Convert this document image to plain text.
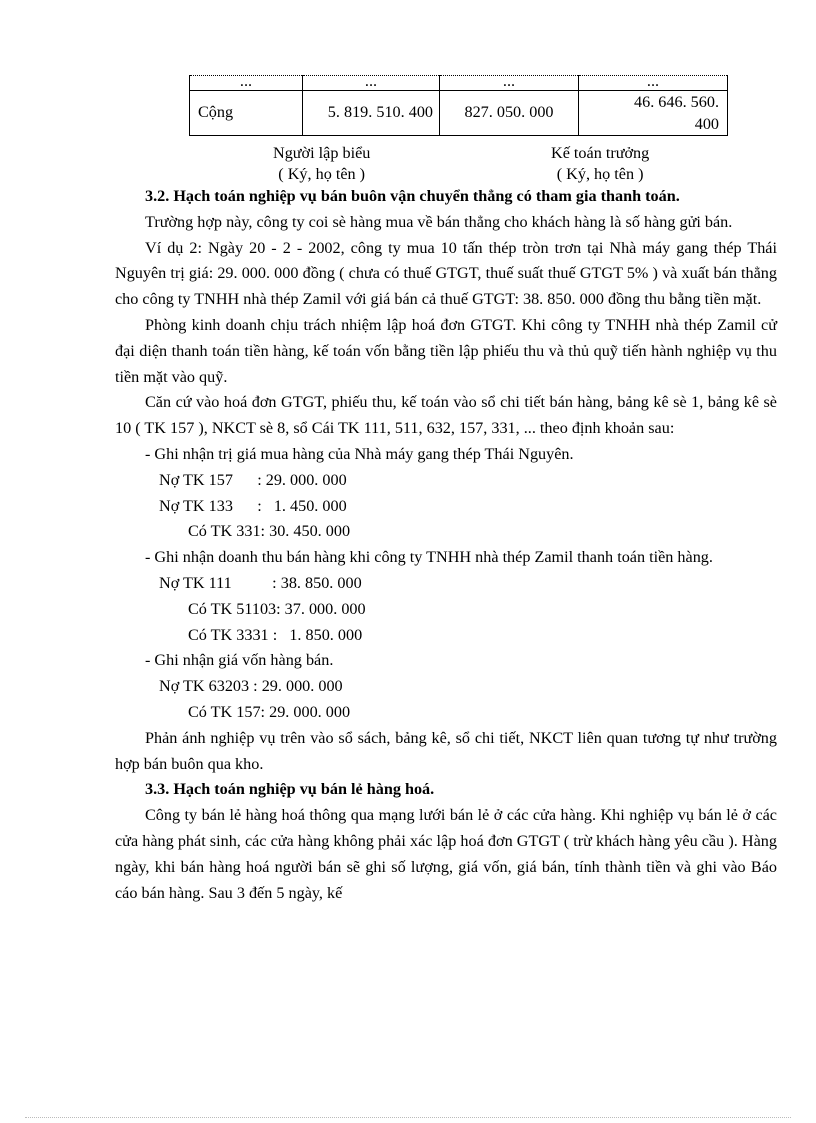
...	...	...	...
Cộng	5. 819. 510. 400	827. 050. 000	46. 646. 560.
400
Người lập biểu
( Ký, họ tên )
Kế toán trưởng
( Ký, họ tên )

3.2. Hạch toán nghiệp vụ bán buôn vận chuyển thẳng có tham gia thanh toán.

Trường hợp này, công ty coi sè hàng mua về bán thẳng cho khách hàng là số hàng gửi bán.

Ví dụ 2: Ngày 20 - 2 - 2002, công ty mua 10 tấn thép tròn trơn tại Nhà máy gang thép Thái Nguyên trị giá: 29. 000. 000 đồng ( chưa có thuế GTGT, thuế suất thuế GTGT 5% ) và xuất bán thẳng cho công ty TNHH nhà thép Zamil với giá bán cả thuế GTGT: 38. 850. 000 đồng thu bằng tiền mặt.

Phòng kinh doanh chịu trách nhiệm lập hoá đơn GTGT. Khi công ty TNHH nhà thép Zamil cử đại diện thanh toán tiền hàng, kế toán vốn bằng tiền lập phiếu thu và thủ quỹ tiến hành nghiệp vụ thu tiền mặt vào quỹ.

Căn cứ vào hoá đơn GTGT, phiếu thu, kế toán vào sổ chi tiết bán hàng, bảng kê sè 1, bảng kê sè 10 ( TK 157 ), NKCT sè 8, sổ Cái TK 111, 511, 632, 157, 331, ... theo định khoản sau:

- Ghi nhận trị giá mua hàng của Nhà máy gang thép Thái Nguyên.

Nợ TK 157      : 29. 000. 000

Nợ TK 133      :   1. 450. 000

Có TK 331: 30. 450. 000

- Ghi nhận doanh thu bán hàng khi công ty TNHH nhà thép Zamil thanh toán tiền hàng.

Nợ TK 111          : 38. 850. 000

Có TK 51103: 37. 000. 000

Có TK 3331 :   1. 850. 000

- Ghi nhận giá vốn hàng bán.

Nợ TK 63203 : 29. 000. 000

Có TK 157: 29. 000. 000

Phản ánh nghiệp vụ trên vào sổ sách, bảng kê, sổ chi tiết, NKCT liên quan tương tự như trường hợp bán buôn qua kho.

3.3. Hạch toán nghiệp vụ bán lẻ hàng hoá.

Công ty bán lẻ hàng hoá thông qua mạng lưới bán lẻ ở các cửa hàng. Khi nghiệp vụ bán lẻ ở các cửa hàng phát sinh, các cửa hàng không phải xác lập hoá đơn GTGT ( trừ khách hàng yêu cầu ). Hàng ngày, khi bán hàng hoá người bán sẽ ghi số lượng, giá vốn, giá bán, tính thành tiền và ghi vào Báo cáo bán hàng. Sau 3 đến 5 ngày, kế
